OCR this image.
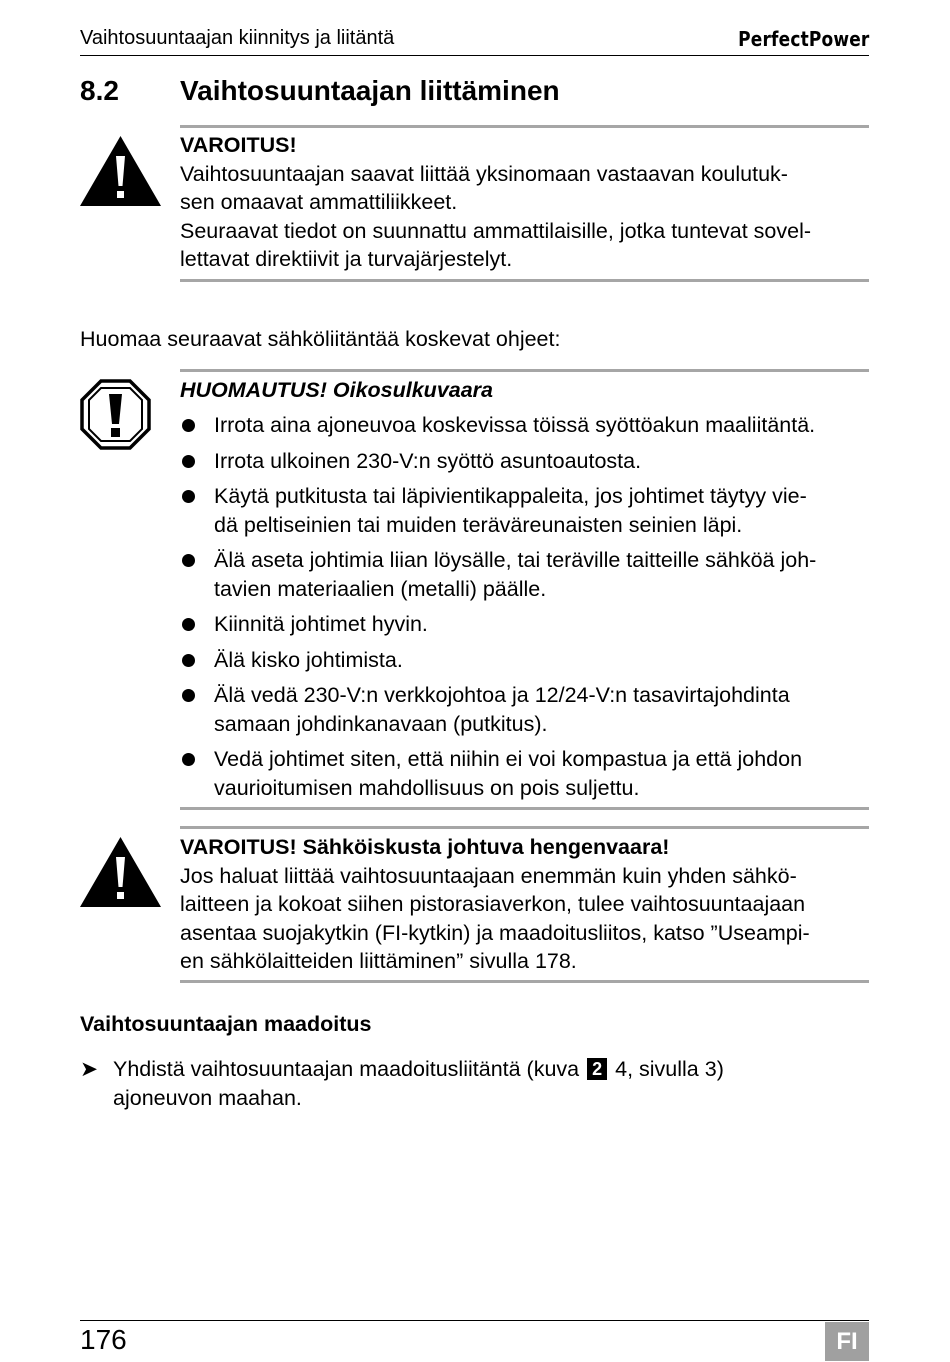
Vaihtosuuntaajan kiinnitys ja liitäntä	PerfectPower
8.2 Vaihtosuuntaajan liittäminen
VAROITUS!
Vaihtosuuntaajan saavat liittää yksinomaan vastaavan koulutuk-
sen omaavat ammattiliikkeet.
Seuraavat tiedot on suunnattu ammattilaisille, jotka tuntevat sovel-
lettavat direktiivit ja turvajärjestelyt.
Huomaa seuraavat sähköliitäntää koskevat ohjeet:
HUOMAUTUS! Oikosulkuvaara
Irrota aina ajoneuvoa koskevissa töissä syöttöakun maaliitäntä.
Irrota ulkoinen 230-V:n syöttö asuntoautosta.
Käytä putkitusta tai läpivientikappaleita, jos johtimet täytyy vie-
dä peltiseinien tai muiden teräväreunaisten seinien läpi.
Älä aseta johtimia liian löysälle, tai teräville taitteille sähköä joh-
tavien materiaalien (metalli) päälle.
Kiinnitä johtimet hyvin.
Älä kisko johtimista.
Älä vedä 230-V:n verkkojohtoa ja 12/24-V:n tasavirtajohdinta
samaan johdinkanavaan (putkitus).
Vedä johtimet siten, että niihin ei voi kompastua ja että johdon
vaurioitumisen mahdollisuus on pois suljettu.
VAROITUS! Sähköiskusta johtuva hengenvaara!
Jos haluat liittää vaihtosuuntaajaan enemmän kuin yhden sähkö-
laitteen ja kokoat siihen pistorasiaverkon, tulee vaihtosuuntaajaan
asentaa suojakytkin (FI-kytkin) ja maadoitusliitos, katso ”Useampi-
en sähkölaitteiden liittäminen” sivulla 178.
Vaihtosuuntaajan maadoitus
➤ Yhdistä vaihtosuuntaajan maadoitusliitäntä (kuva 2 4, sivulla 3)
ajoneuvon maahan.
176	FI
